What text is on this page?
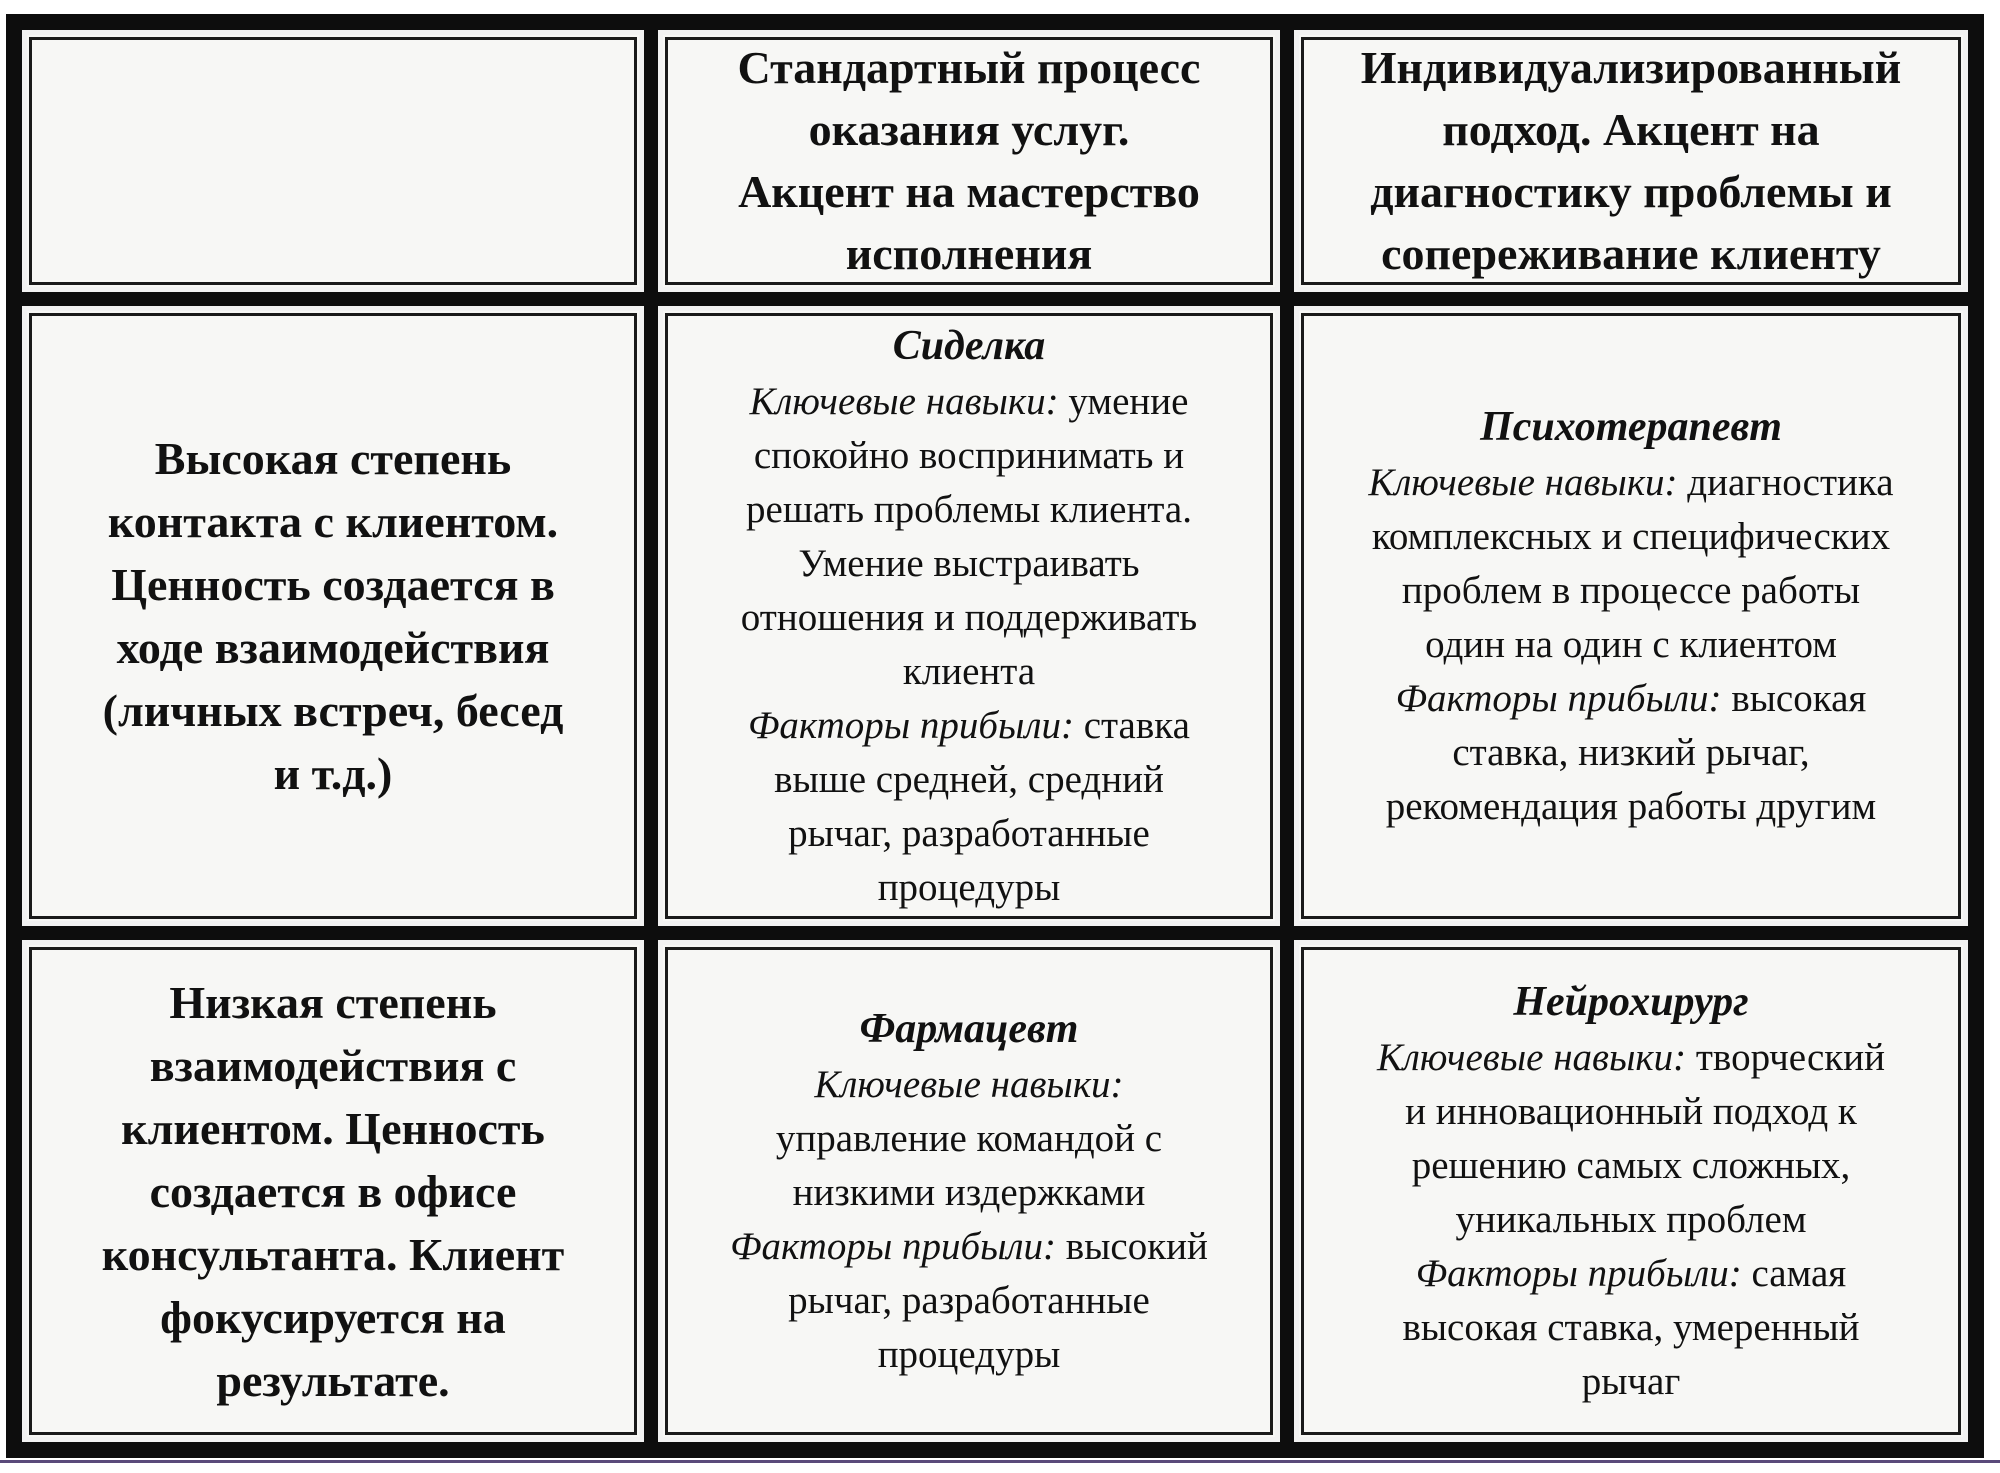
Стандартный процесс
оказания услуг.
Акцент на мастерство
исполнения
Индивидуализированный
подход. Акцент на
диагностику проблемы и
сопереживание клиенту
Высокая степень
контакта с клиентом.
Ценность создается в
ходе взаимодействия
(личных встреч, бесед
и т.д.)
Сиделка
Ключевые навыки: умение
спокойно воспринимать и
решать проблемы клиента.
Умение выстраивать
отношения и поддерживать
клиента
Факторы прибыли: ставка
выше средней, средний
рычаг, разработанные
процедуры
Психотерапевт
Ключевые навыки: диагностика
комплексных и специфических
проблем в процессе работы
один на один с клиентом
Факторы прибыли: высокая
ставка, низкий рычаг,
рекомендация работы другим
Низкая степень
взаимодействия с
клиентом. Ценность
создается в офисе
консультанта. Клиент
фокусируется на
результате.
Фармацевт
Ключевые навыки:
управление командой с
низкими издержками
Факторы прибыли: высокий
рычаг, разработанные
процедуры
Нейрохирург
Ключевые навыки: творческий
и инновационный подход к
решению самых сложных,
уникальных проблем
Факторы прибыли: самая
высокая ставка, умеренный
рычаг
